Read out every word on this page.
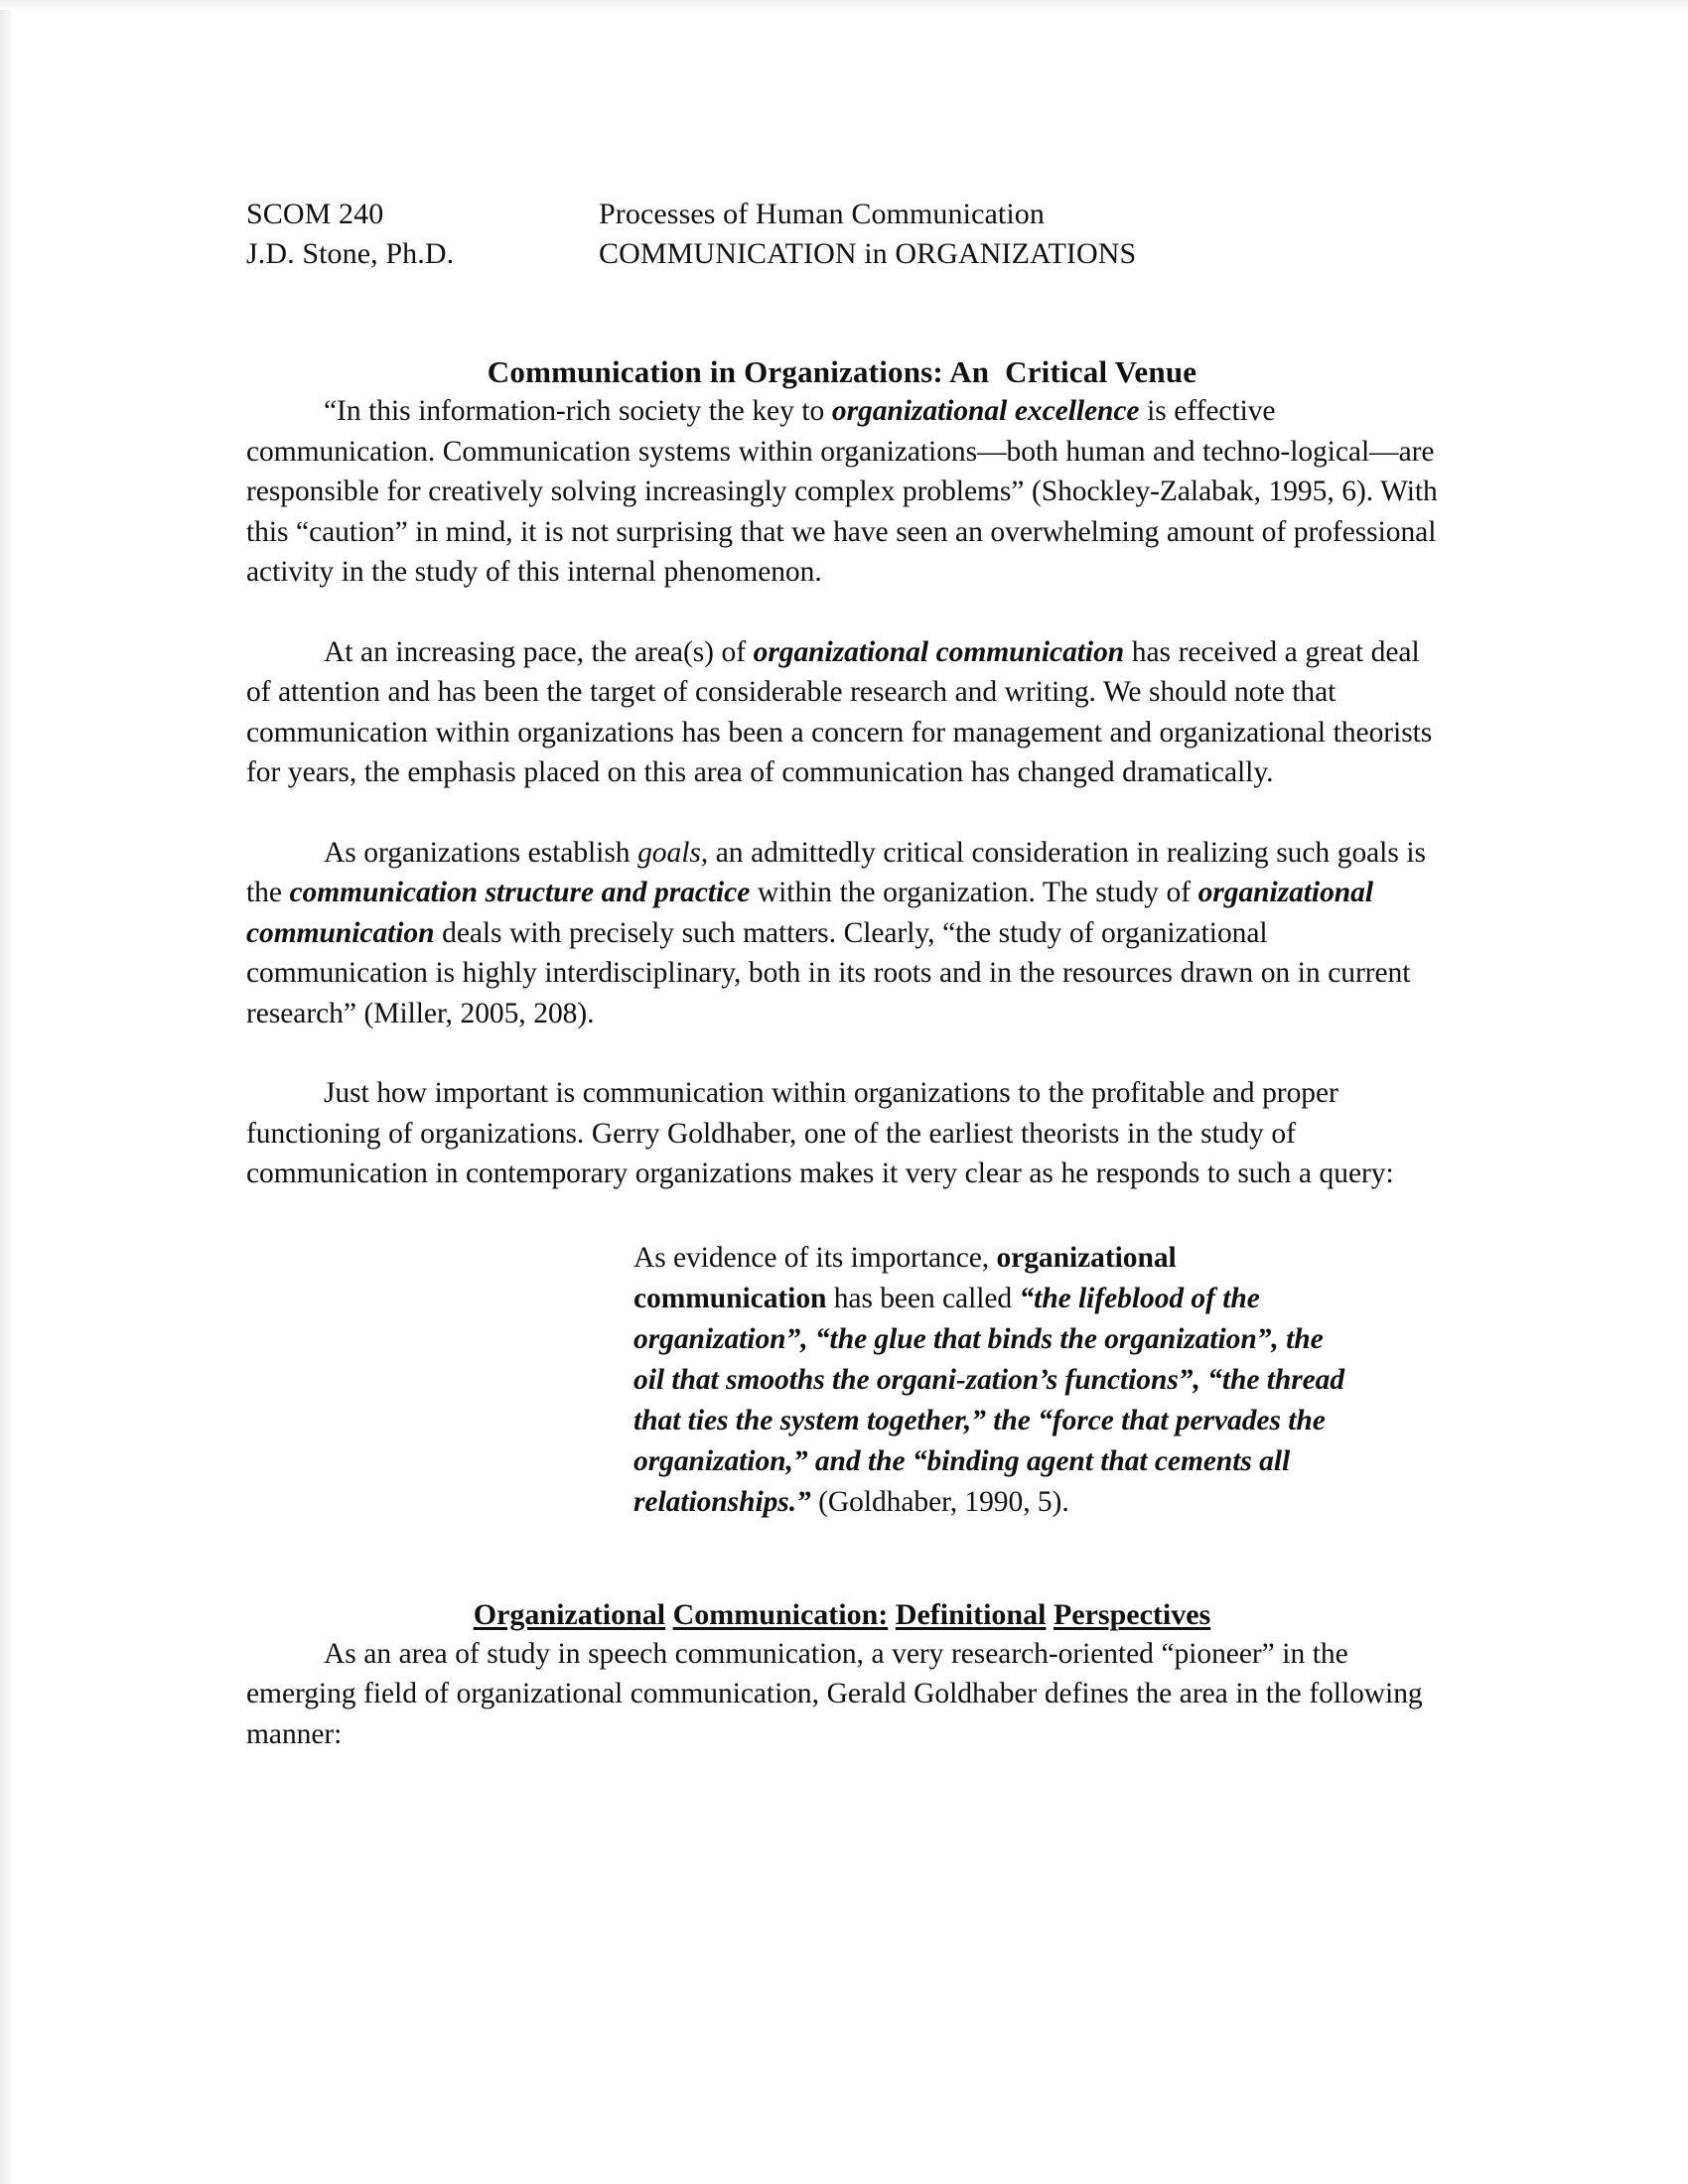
SCOM 240
J.D. Stone, Ph.D.
Processes of Human Communication
COMMUNICATION in ORGANIZATIONS
Communication in Organizations: An  Critical Venue

“In this information-rich society the key to organizational excellence is effective communication. Communication systems within organizations—both human and techno-logical—are responsible for creatively solving increasingly complex problems” (Shockley-Zalabak, 1995, 6). With this “caution” in mind, it is not surprising that we have seen an overwhelming amount of professional activity in the study of this internal phenomenon.

At an increasing pace, the area(s) of organizational communication has received a great deal of attention and has been the target of considerable research and writing. We should note that communication within organizations has been a concern for management and organizational theorists for years, the emphasis placed on this area of communication has changed dramatically.

As organizations establish goals, an admittedly critical consideration in realizing such goals is the communication structure and practice within the organization. The study of organizational communication deals with precisely such matters. Clearly, “the study of organizational communication is highly interdisciplinary, both in its roots and in the resources drawn on in current research” (Miller, 2005, 208).

Just how important is communication within organizations to the profitable and proper functioning of organizations. Gerry Goldhaber, one of the earliest theorists in the study of communication in contemporary organizations makes it very clear as he responds to such a query:

As evidence of its importance, organizational communication has been called “the lifeblood of the organization”, “the glue that binds the organization”, the oil that smooths the organi-zation’s functions”, “the thread that ties the system together,” the “force that pervades the organization,” and the “binding agent that cements all relationships.” (Goldhaber, 1990, 5).

Organizational Communication: Definitional Perspectives

As an area of study in speech communication, a very research-oriented “pioneer” in the emerging field of organizational communication, Gerald Goldhaber defines the area in the following manner:
